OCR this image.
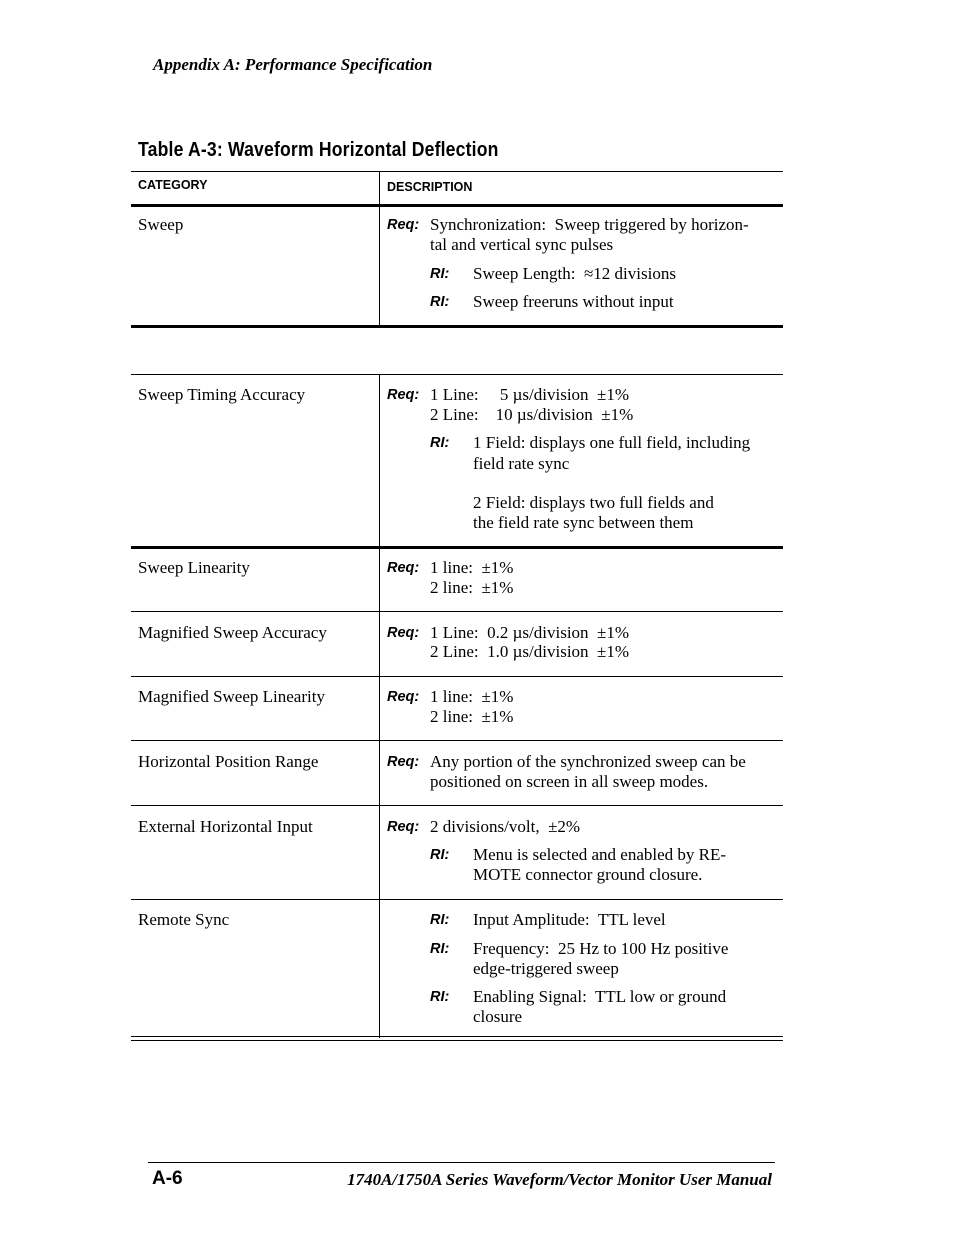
Appendix A: Performance Specification
Table A-3: Waveform Horizontal Deflection
CATEGORY	DESCRIPTION
Sweep	Req: Synchronization:  Sweep triggered by horizon-
tal and vertical sync pulses
RI: Sweep Length:  ≈12 divisions
RI: Sweep freeruns without input
Sweep Timing Accuracy	Req: 1 Line:     5 µs/division  ±1%
2 Line:    10 µs/division  ±1%
RI: 1 Field: displays one full field, including
field rate sync
2 Field: displays two full fields and
the field rate sync between them
Sweep Linearity	Req: 1 line:  ±1%
2 line:  ±1%
Magnified Sweep Accuracy	Req: 1 Line:  0.2 µs/division  ±1%
2 Line:  1.0 µs/division  ±1%
Magnified Sweep Linearity	Req: 1 line:  ±1%
2 line:  ±1%
Horizontal Position Range	Req: Any portion of the synchronized sweep can be
positioned on screen in all sweep modes.
External Horizontal Input	Req: 2 divisions/volt,  ±2%
RI: Menu is selected and enabled by RE-
MOTE connector ground closure.
Remote Sync	RI: Input Amplitude:  TTL level
RI: Frequency:  25 Hz to 100 Hz positive
edge-triggered sweep
RI: Enabling Signal:  TTL low or ground
closure
A-6	1740A/1750A Series Waveform/Vector Monitor User Manual
